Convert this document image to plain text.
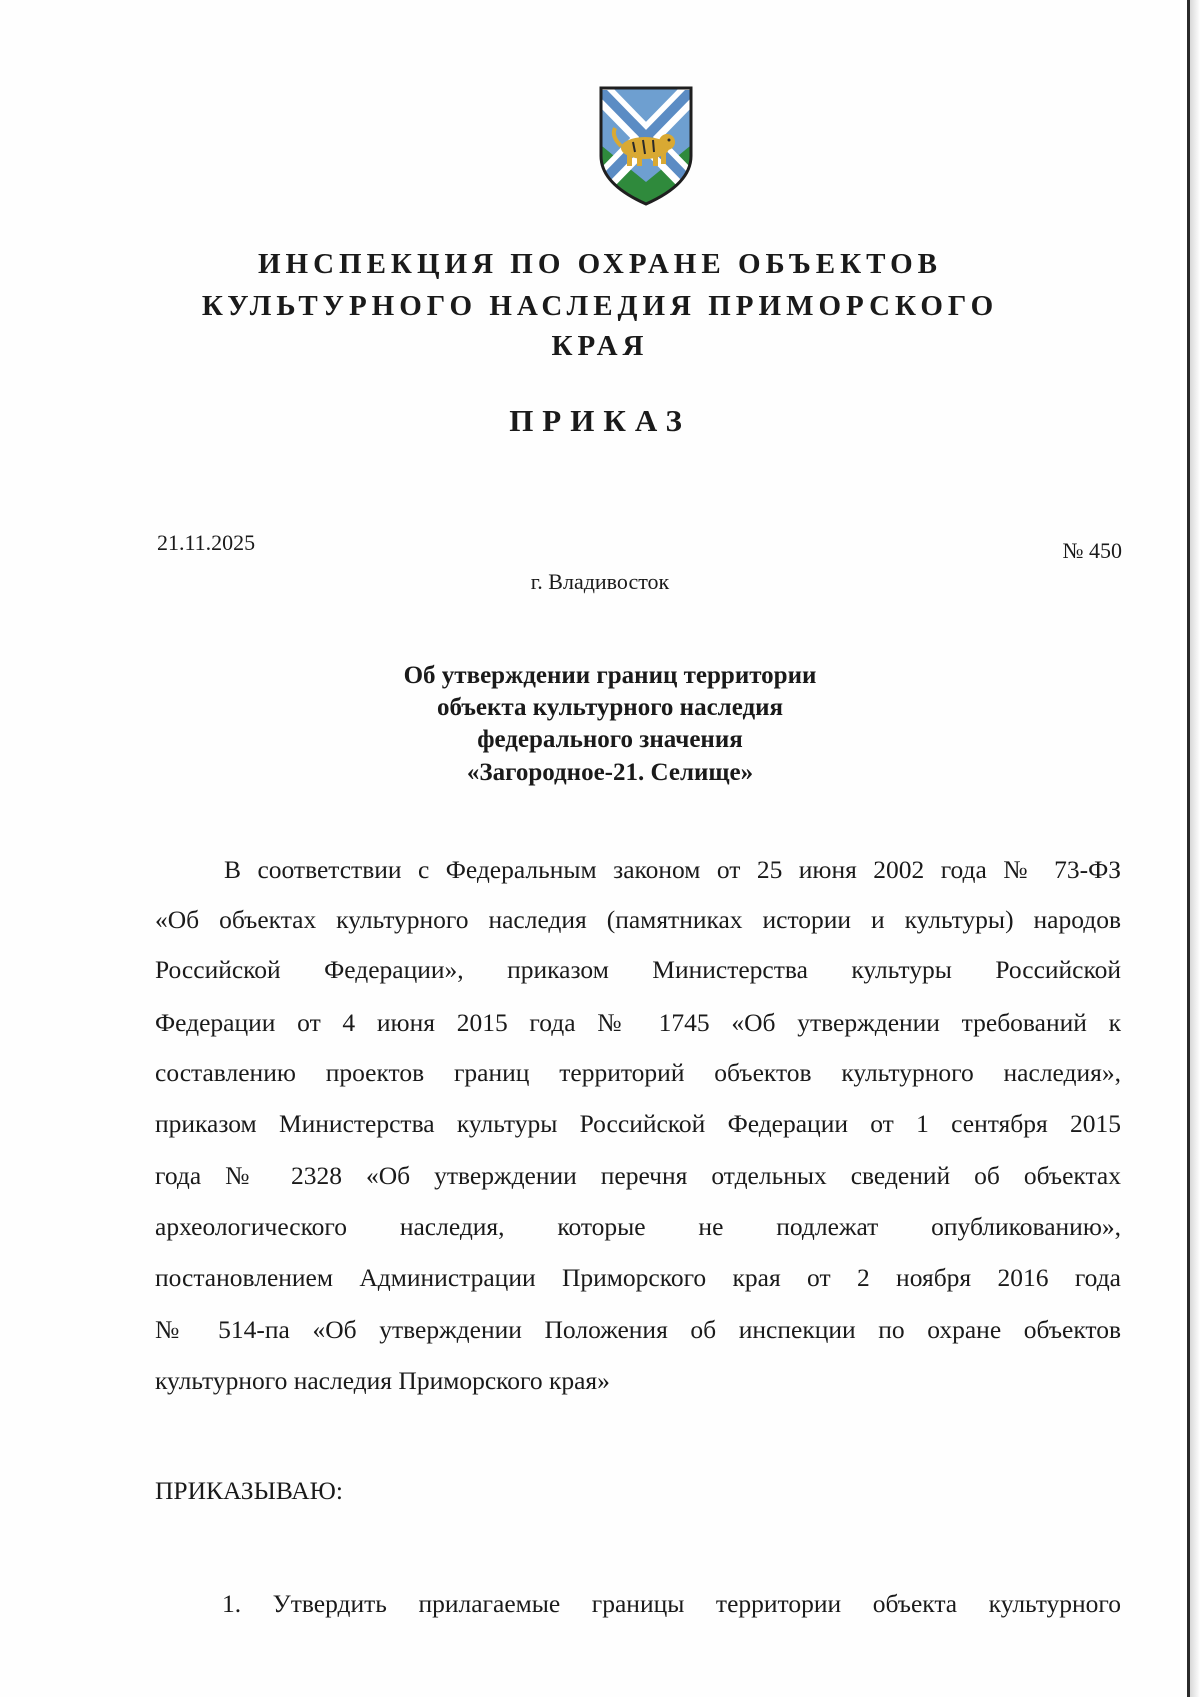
ИНСПЕКЦИЯ ПО ОХРАНЕ ОБЪЕКТОВ
КУЛЬТУРНОГО НАСЛЕДИЯ ПРИМОРСКОГО КРАЯ
ПРИКАЗ
21.11.2025	№ 450
г. Владивосток
Об утверждении границ территории
объекта культурного наследия
федерального значения
«Загородное-21. Селище»
В соответствии с Федеральным законом от 25 июня 2002 года № 73-ФЗ
«Об объектах культурного наследия (памятниках истории и культуры) народов
Российской Федерации», приказом Министерства культуры Российской
Федерации от 4 июня 2015 года № 1745 «Об утверждении требований к
составлению проектов границ территорий объектов культурного наследия»,
приказом Министерства культуры Российской Федерации от 1 сентября 2015
года № 2328 «Об утверждении перечня отдельных сведений об объектах
археологического наследия, которые не подлежат опубликованию»,
постановлением Администрации Приморского края от 2 ноября 2016 года
№ 514-па «Об утверждении Положения об инспекции по охране объектов
культурного наследия Приморского края»
ПРИКАЗЫВАЮ:
1. Утвердить прилагаемые границы территории объекта культурного
